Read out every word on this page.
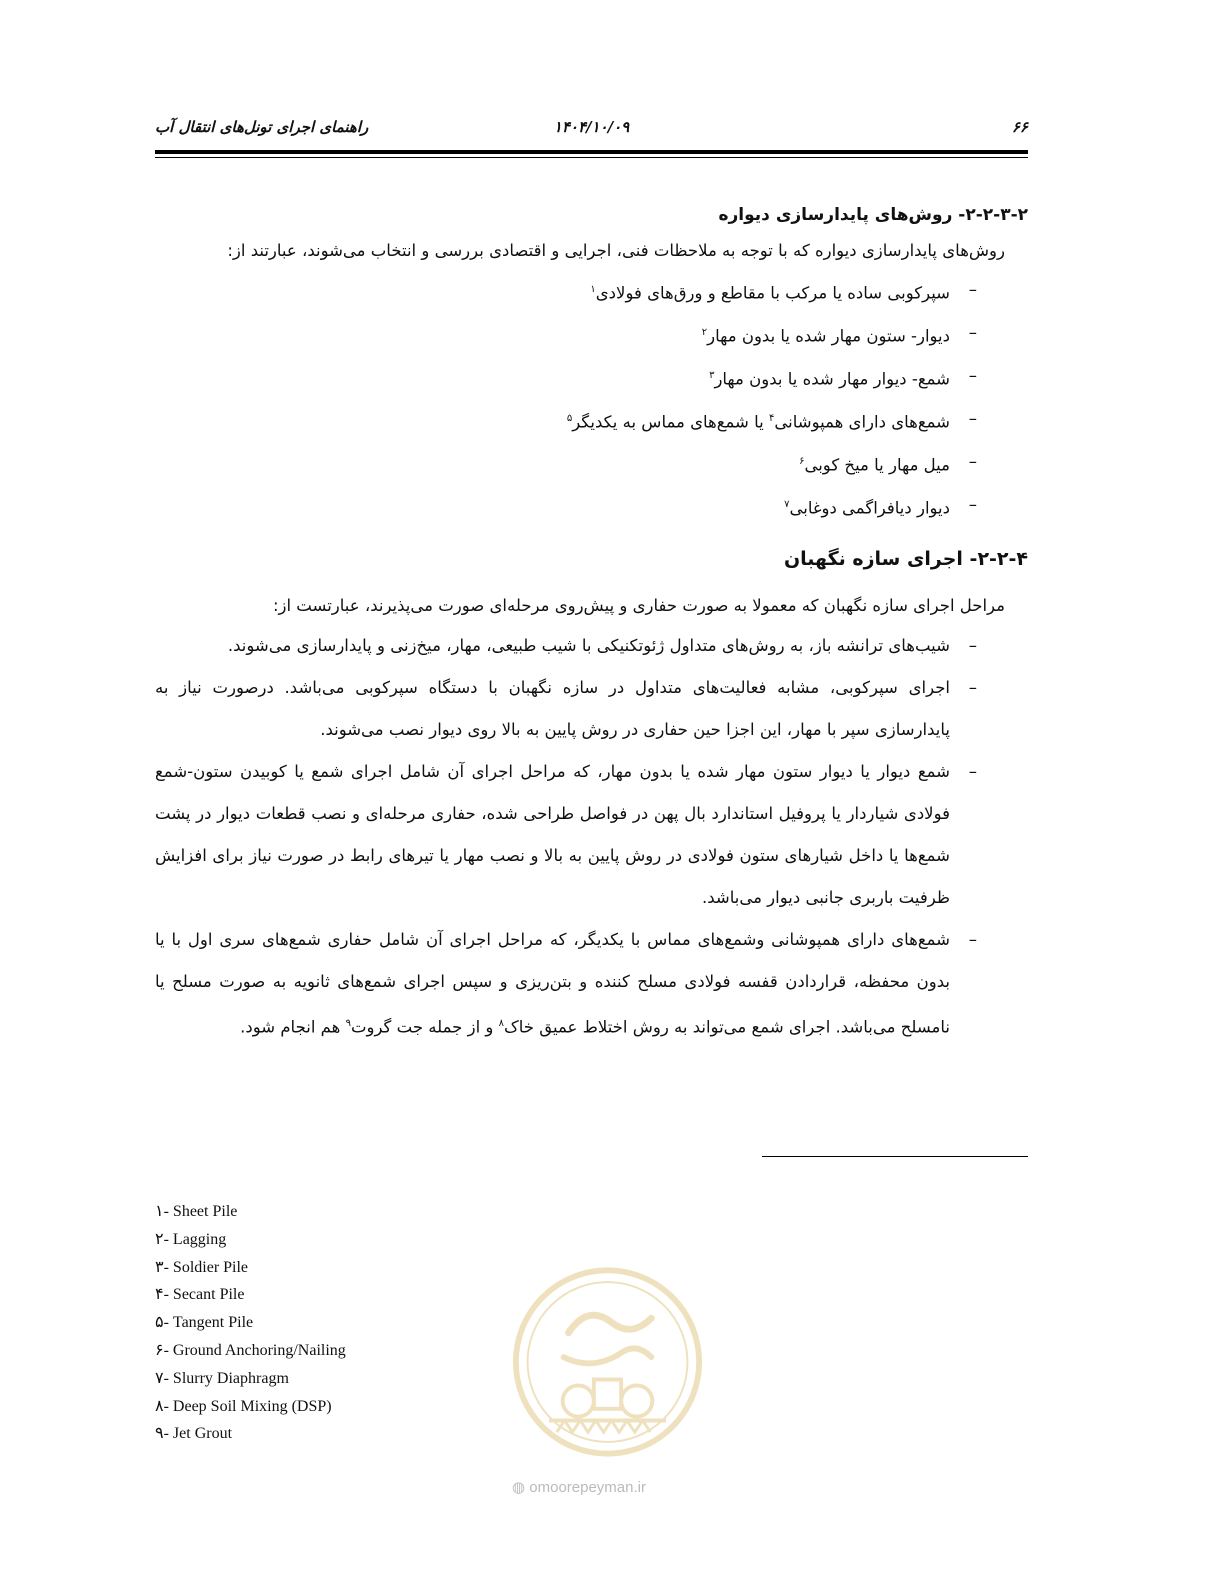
راهنمای اجرای تونل‌های انتقال آب	۱۴۰۴/۱۰/۰۹	۶۶

۲-۲-۳-۲- روش‌های پایدارسازی دیواره

روش‌های پایدارسازی دیواره که با توجه به ملاحظات فنی، اجرایی و اقتصادی بررسی و انتخاب می‌شوند، عبارتند از:

– سپرکوبی ساده یا مرکب با مقاطع و ورق‌های فولادی$^۱$
– دیوار- ستون مهار شده یا بدون مهار$^۲$
– شمع- دیوار مهار شده یا بدون مهار$^۳$
– شمع‌های دارای همپوشانی$^۴$ یا شمع‌های مماس به یکدیگر$^۵$
– میل مهار یا میخ کوبی$^۶$
– دیوار دیافراگمی دوغابی$^۷$

۲-۲-۴- اجرای سازه نگهبان

مراحل اجرای سازه نگهبان که معمولا به صورت حفاری و پیش‌روی مرحله‌ای صورت می‌پذیرند، عبارتست از:

– شیب‌های ترانشه باز، به روش‌های متداول ژئوتکنیکی با شیب طبیعی، مهار، میخ‌زنی و پایدارسازی می‌شوند.
– اجرای سپرکوبی، مشابه فعالیت‌های متداول در سازه نگهبان با دستگاه سپرکوبی می‌باشد. درصورت نیاز به پایدارسازی سپر با مهار، این اجزا حین حفاری در روش پایین به بالا روی دیوار نصب می‌شوند.
– شمع دیوار یا دیوار ستون مهار شده یا بدون مهار، که مراحل اجرای آن شامل اجرای شمع یا کوبیدن ستون-شمع فولادی شیاردار یا پروفیل استاندارد بال پهن در فواصل طراحی شده، حفاری مرحله‌ای و نصب قطعات دیوار در پشت شمع‌ها یا داخل شیارهای ستون فولادی در روش پایین به بالا و نصب مهار یا تیرهای رابط در صورت نیاز برای افزایش ظرفیت باربری جانبی دیوار می‌باشد.
– شمع‌های دارای همپوشانی وشمع‌های مماس با یکدیگر، که مراحل اجرای آن شامل حفاری شمع‌های سری اول با یا بدون محفظه، قراردادن قفسه فولادی مسلح کننده و بتن‌ریزی و سپس اجرای شمع‌های ثانویه به صورت مسلح یا نامسلح می‌باشد. اجرای شمع می‌تواند به روش اختلاط عمیق خاک$^۸$ و از جمله جت گروت$^۹$ هم انجام شود.
۱- Sheet Pile
۲- Lagging
۳- Soldier Pile
۴- Secant Pile
۵- Tangent Pile
۶- Ground Anchoring/Nailing
۷- Slurry Diaphragm
۸- Deep Soil Mixing (DSP)
۹- Jet Grout
◍ omoorepeyman.ir
